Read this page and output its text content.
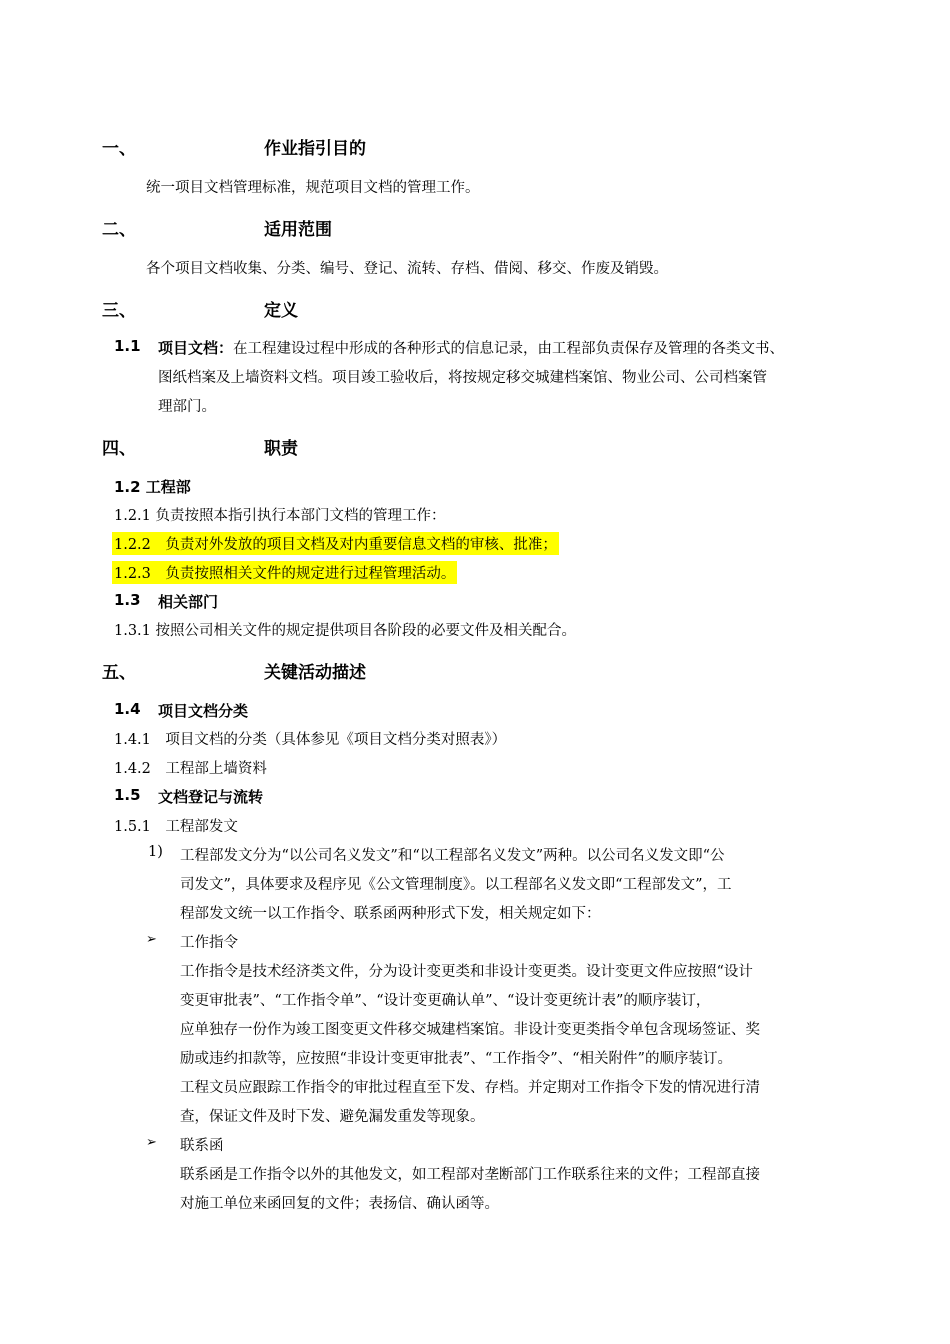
一、	作业指引目的
统一项目文档管理标准，规范项目文档的管理工作。
二、	适用范围
各个项目文档收集、分类、编号、登记、流转、存档、借阅、移交、作废及销毁。
三、	定义
1.1 项目文档：在工程建设过程中形成的各种形式的信息记录，由工程部负责保存及管理的各类文书、
图纸档案及上墙资料文档。项目竣工验收后，将按规定移交城建档案馆、物业公司、公司档案管
理部门。
四、	职责
1.2 工程部
1.2.1 负责按照本指引执行本部门文档的管理工作：
1.2.2　负责对外发放的项目文档及对内重要信息文档的审核、批准；
1.2.3　负责按照相关文件的规定进行过程管理活动。
1.3 相关部门
1.3.1 按照公司相关文件的规定提供项目各阶段的必要文件及相关配合。
五、	关键活动描述
1.4 项目文档分类
1.4.1　项目文档的分类（具体参见《项目文档分类对照表》）
1.4.2　工程部上墙资料
1.5 文档登记与流转
1.5.1　工程部发文
1) 工程部发文分为“以公司名义发文”和“以工程部名义发文”两种。以公司名义发文即“公
司发文”，具体要求及程序见《公文管理制度》。以工程部名义发文即“工程部发文”，工
程部发文统一以工作指令、联系函两种形式下发，相关规定如下：
➢ 工作指令
工作指令是技术经济类文件，分为设计变更类和非设计变更类。设计变更文件应按照“设计
变更审批表”、“工作指令单”、“设计变更确认单”、“设计变更统计表”的顺序装订，
应单独存一份作为竣工图变更文件移交城建档案馆。非设计变更类指令单包含现场签证、奖
励或违约扣款等，应按照“非设计变更审批表”、“工作指令”、“相关附件”的顺序装订。
工程文员应跟踪工作指令的审批过程直至下发、存档。并定期对工作指令下发的情况进行清
查，保证文件及时下发、避免漏发重发等现象。
➢ 联系函
联系函是工作指令以外的其他发文，如工程部对垄断部门工作联系往来的文件；工程部直接
对施工单位来函回复的文件；表扬信、确认函等。
